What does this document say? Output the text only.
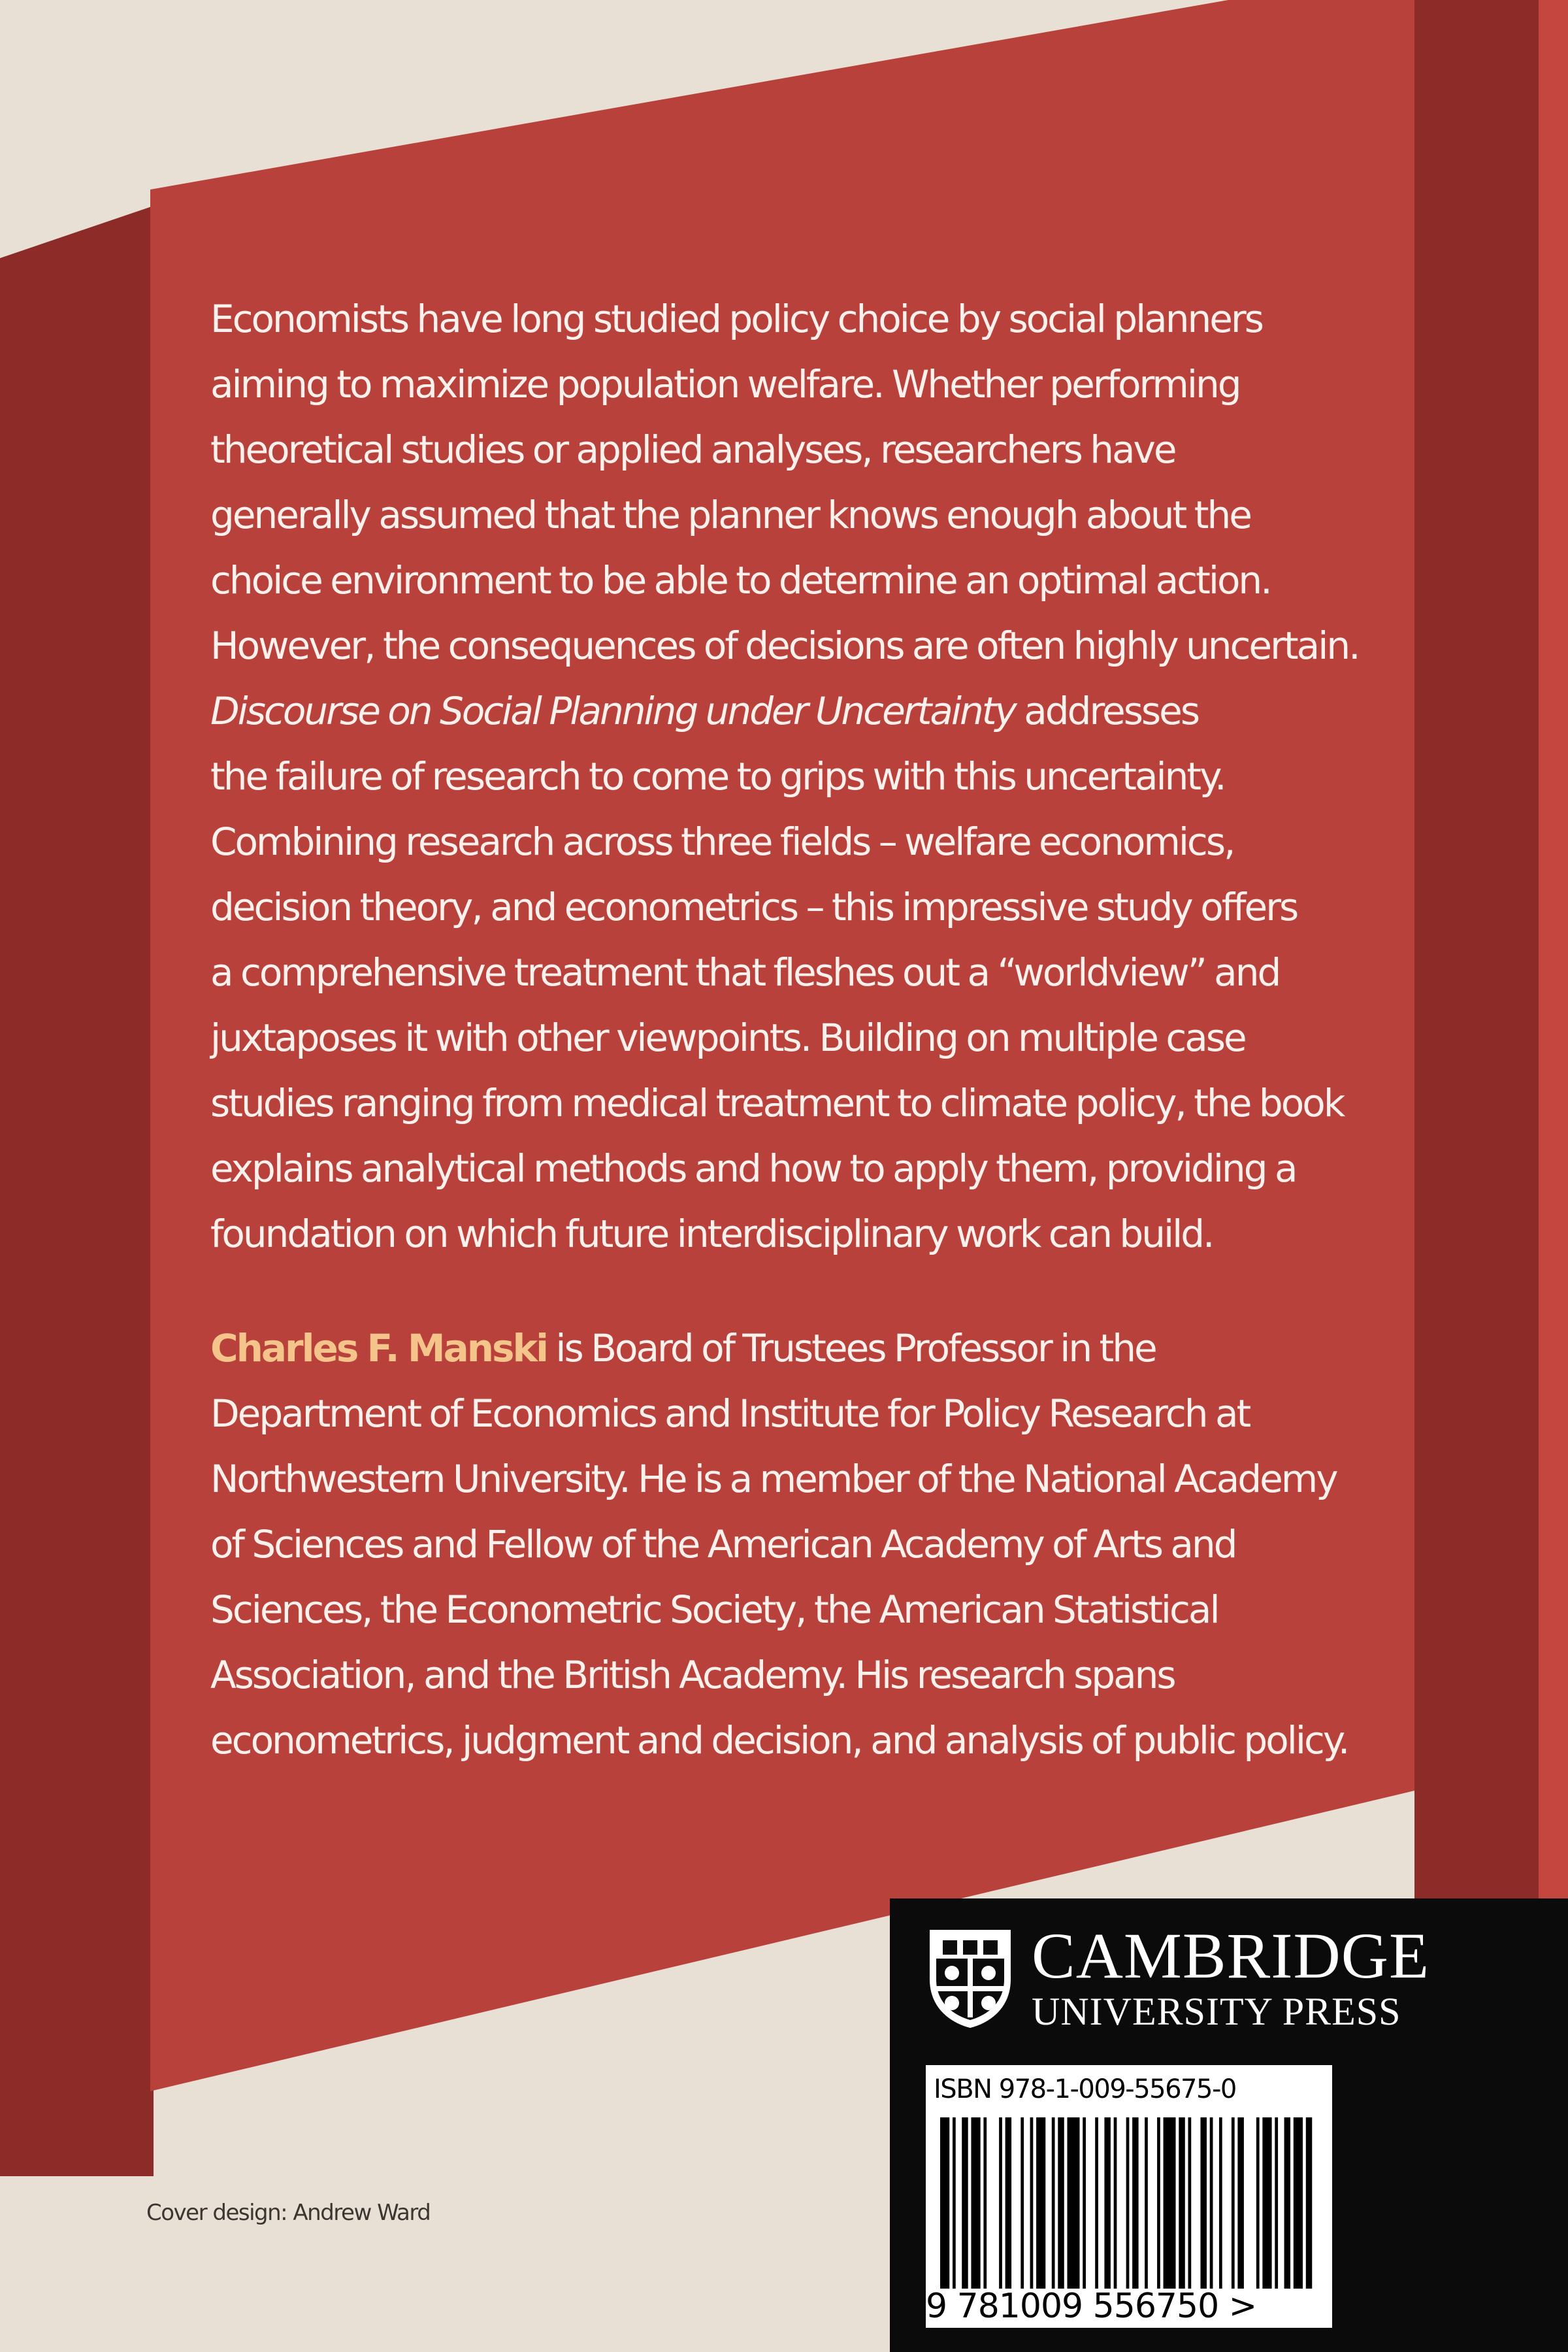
Economists have long studied policy choice by social planners
aiming to maximize population welfare. Whether performing
theoretical studies or applied analyses, researchers have
generally assumed that the planner knows enough about the
choice environment to be able to determine an optimal action.
However, the consequences of decisions are often highly uncertain.
Discourse on Social Planning under Uncertainty addresses
the failure of research to come to grips with this uncertainty.
Combining research across three fields – welfare economics,
decision theory, and econometrics – this impressive study offers
a comprehensive treatment that fleshes out a “worldview” and
juxtaposes it with other viewpoints. Building on multiple case
studies ranging from medical treatment to climate policy, the book
explains analytical methods and how to apply them, providing a
foundation on which future interdisciplinary work can build.

Charles F. Manski is Board of Trustees Professor in the
Department of Economics and Institute for Policy Research at
Northwestern University. He is a member of the National Academy
of Sciences and Fellow of the American Academy of Arts and
Sciences, the Econometric Society, the American Statistical
Association, and the British Academy. His research spans
econometrics, judgment and decision, and analysis of public policy.

Cover design: Andrew Ward

CAMBRIDGE

UNIVERSITY PRESS

ISBN 978-1-009-55675-0

9 781009 556750 >
